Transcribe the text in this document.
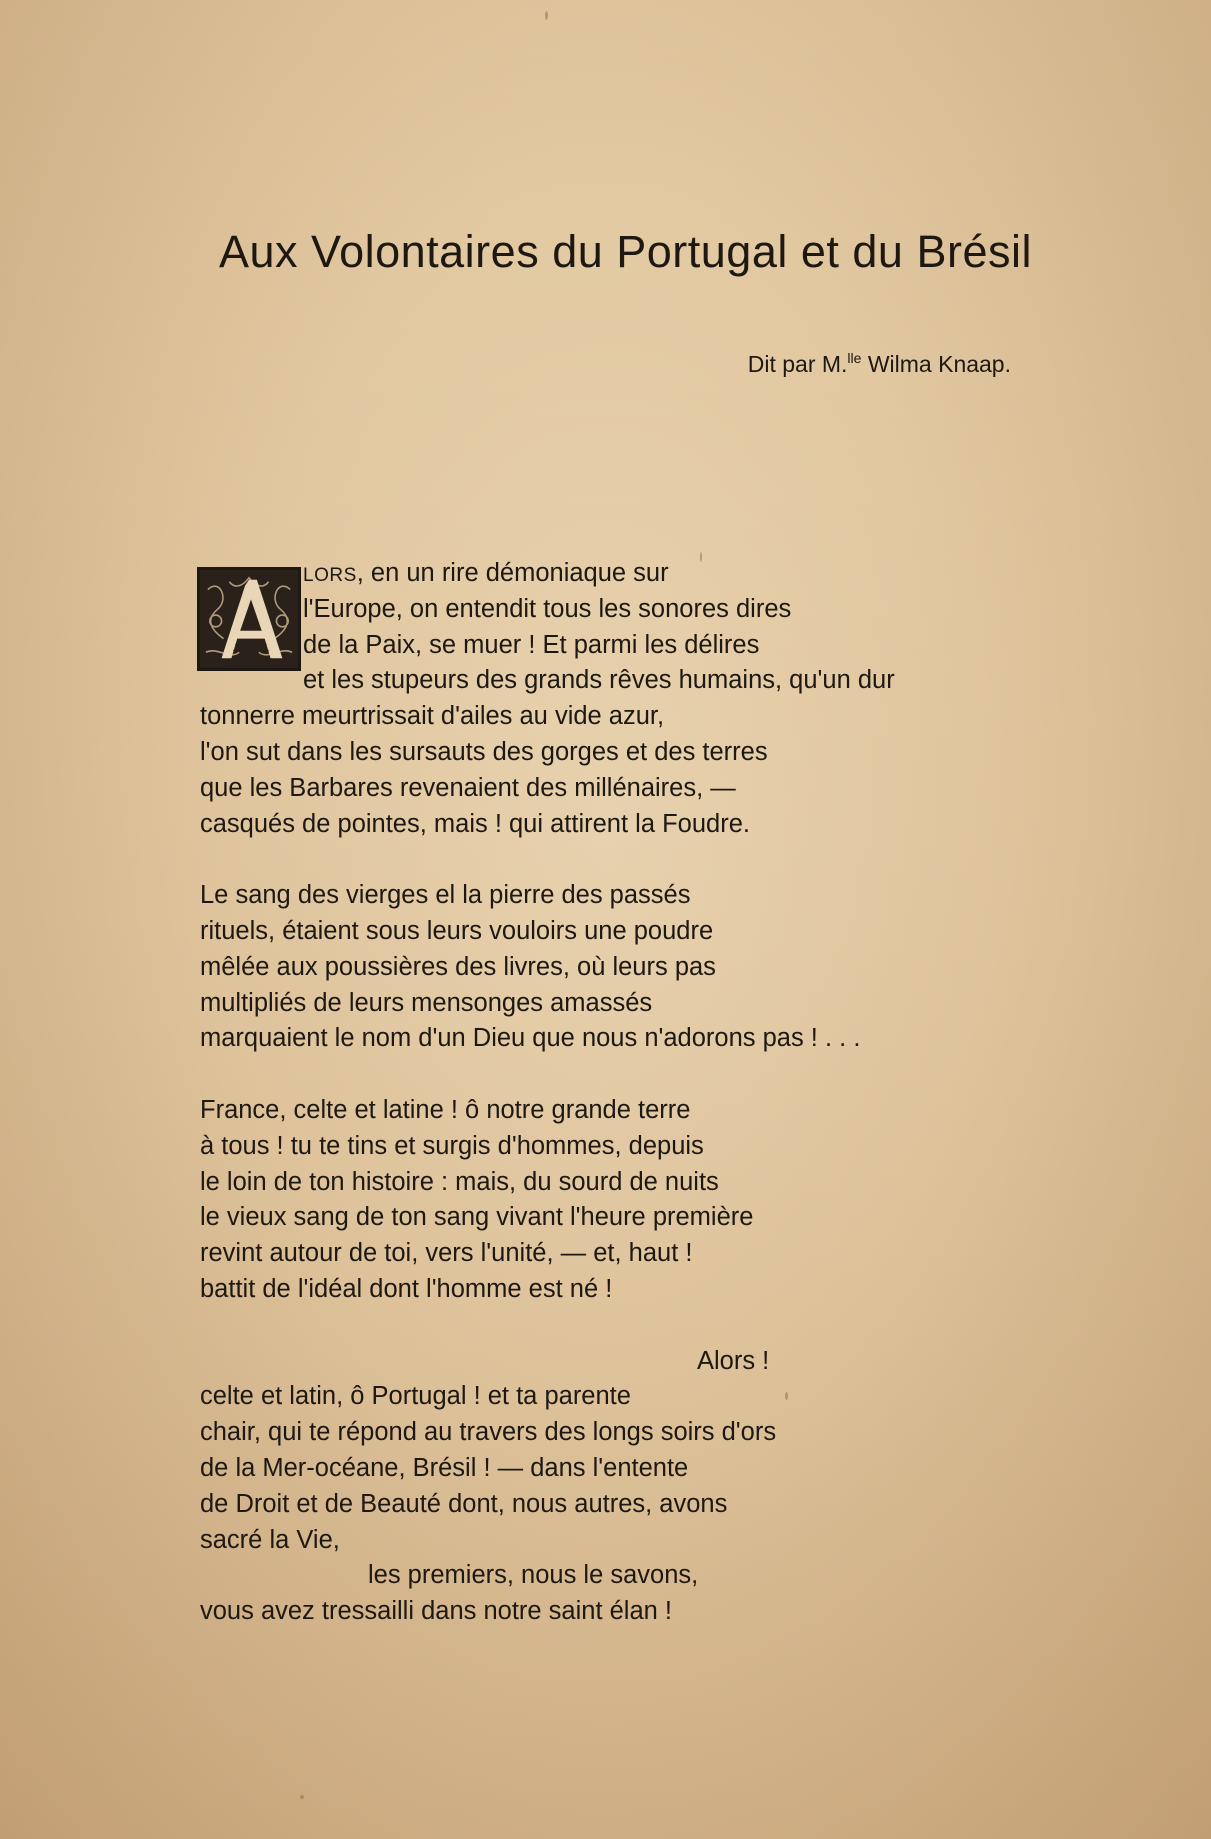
Aux Volontaires du Portugal et du Brésil
Dit par M.$^{lle}$ Wilma Knaap.
LORS, en un rire démoniaque sur
l'Europe, on entendit tous les sonores dires
de la Paix, se muer ! Et parmi les délires
et les stupeurs des grands rêves humains, qu'un dur
tonnerre meurtrissait d'ailes au vide azur,
l'on sut dans les sursauts des gorges et des terres
que les Barbares revenaient des millénaires, —
casqués de pointes, mais ! qui attirent la Foudre.
Le sang des vierges el la pierre des passés
rituels, étaient sous leurs vouloirs une poudre
mêlée aux poussières des livres, où leurs pas
multipliés de leurs mensonges amassés
marquaient le nom d'un Dieu que nous n'adorons pas ! . . .
France, celte et latine ! ô notre grande terre
à tous ! tu te tins et surgis d'hommes, depuis
le loin de ton histoire : mais, du sourd de nuits
le vieux sang de ton sang vivant l'heure première
revint autour de toi, vers l'unité, — et, haut !
battit de l'idéal dont l'homme est né !
Alors !
celte et latin, ô Portugal ! et ta parente
chair, qui te répond au travers des longs soirs d'ors
de la Mer-océane, Brésil ! — dans l'entente
de Droit et de Beauté dont, nous autres, avons
sacré la Vie,
les premiers, nous le savons,
vous avez tressailli dans notre saint élan !
